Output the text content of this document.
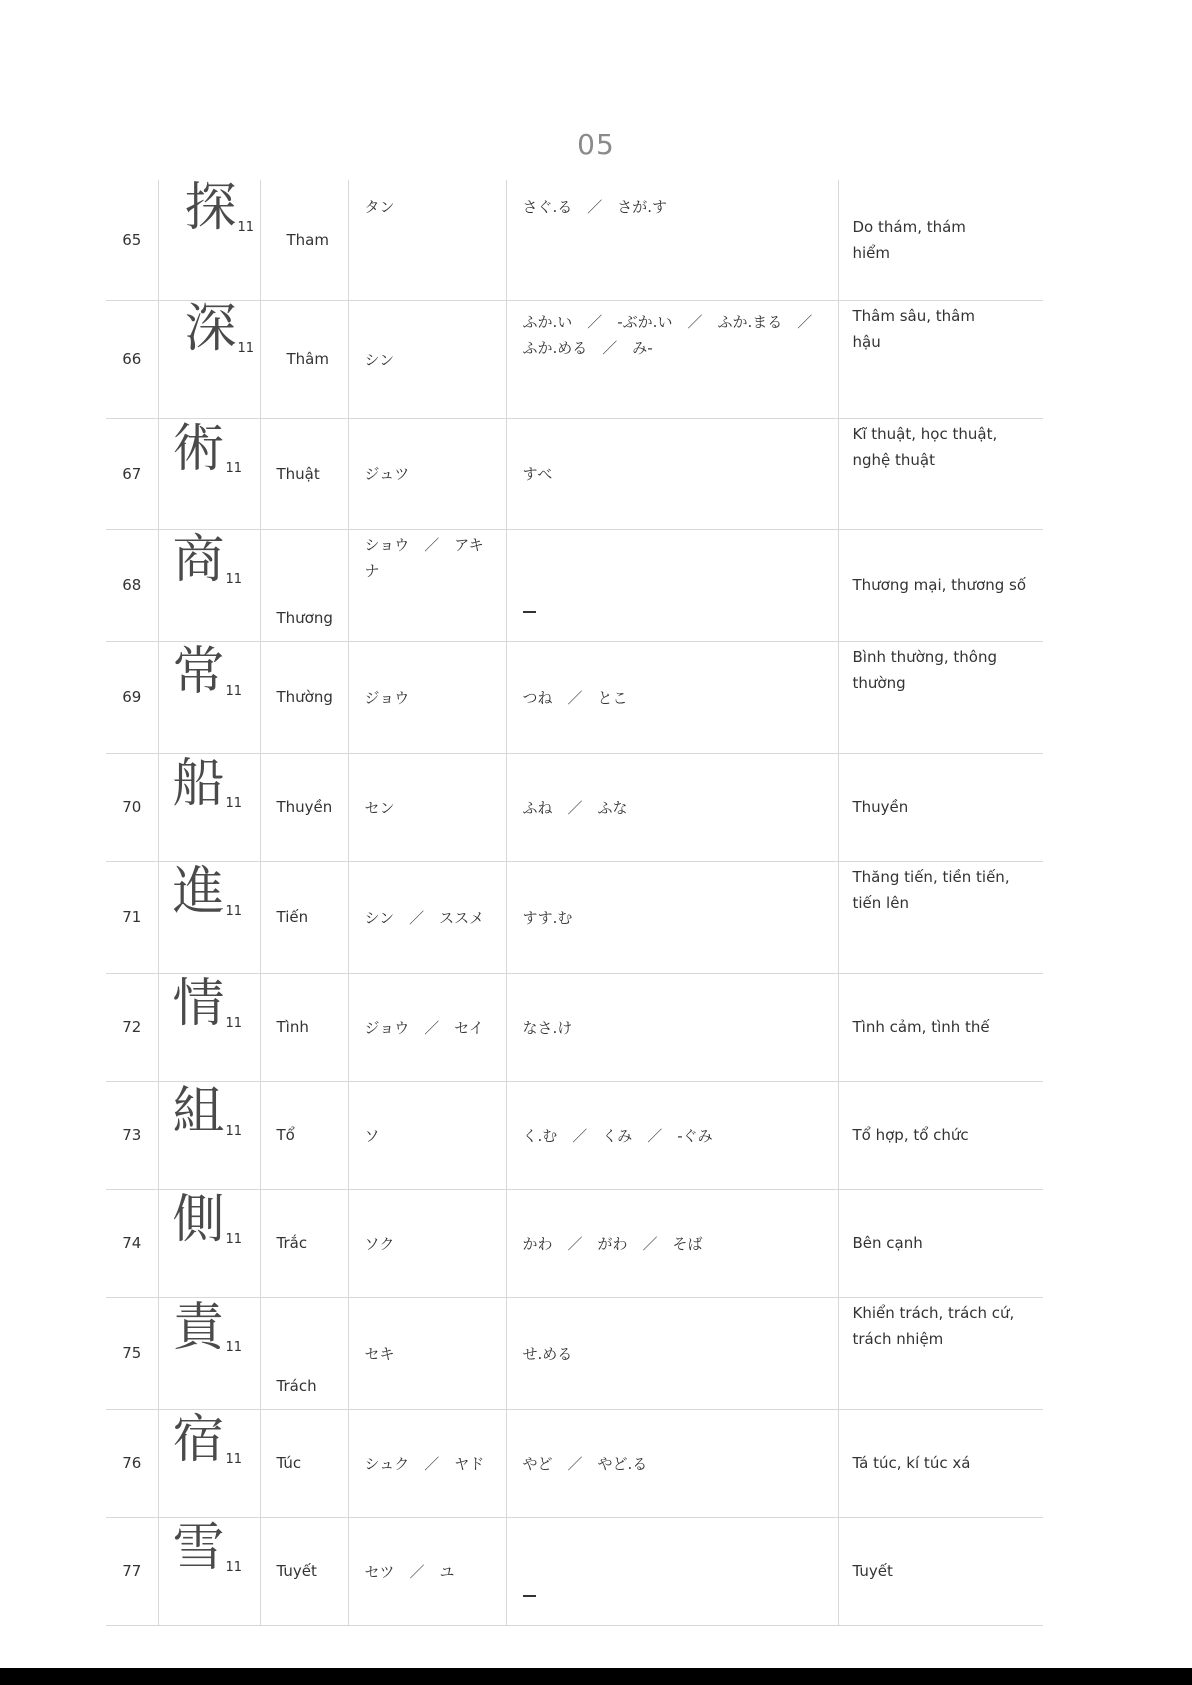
05
65	探11	Tham	タン	さぐ.る　／　さが.す	Do thám, thám hiểm

66	深11	Thâm	シン	ふか.い　／　-ぶか.い　／　ふか.まる　／　ふか.める　／　み-	Thâm sâu, thâm hậu

67	術11	Thuật	ジュツ	すべ	Kĩ thuật, học thuật, nghệ thuật

68	商11	Thương	ショウ　／　アキナ		Thương mại, thương số
69	常11	Thường	ジョウ	つね　／　とこ	Bình thường, thông thường

70	船11	Thuyền	セン	ふね　／　ふな	Thuyền
71	進11	Tiến	シン　／　ススメ	すす.む	Thăng tiến, tiền tiến, tiến lên

72	情11	Tình	ジョウ　／　セイ	なさ.け	Tình cảm, tình thế
73	組11	Tổ	ソ	く.む　／　くみ　／　-ぐみ	Tổ hợp, tổ chức
74	側11	Trắc	ソク	かわ　／　がわ　／　そば	Bên cạnh
75	責11	Trách	セキ	せ.める	Khiển trách, trách cứ, trách nhiệm

76	宿11	Túc	シュク　／　ヤド	やど　／　やど.る	Tá túc, kí túc xá
77	雪11	Tuyết	セツ　／　ユ		Tuyết
